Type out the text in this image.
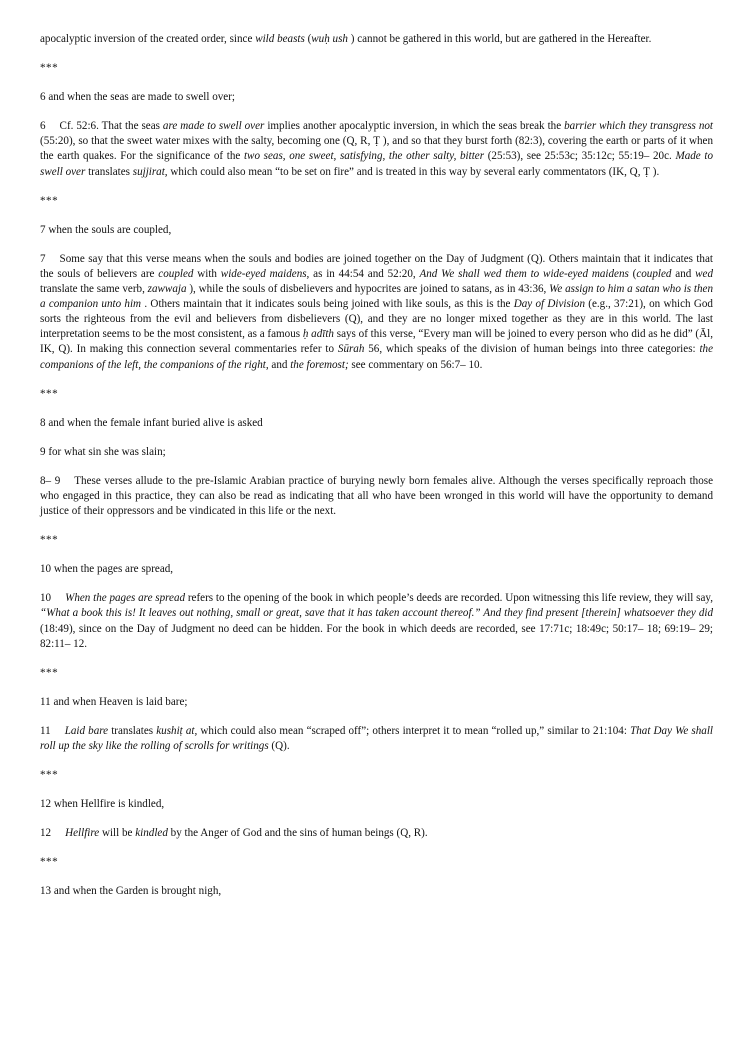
apocalyptic inversion of the created order, since wild beasts (wuḥ ush ) cannot be gathered in this world, but are gathered in the Hereafter.

***

6 and when the seas are made to swell over;

6 Cf. 52:6. That the seas are made to swell over implies another apocalyptic inversion, in which the seas break the barrier which they transgress not (55:20), so that the sweet water mixes with the salty, becoming one (Q, R, Ṭ ), and so that they burst forth (82:3), covering the earth or parts of it when the earth quakes. For the significance of the two seas, one sweet, satisfying, the other salty, bitter (25:53), see 25:53c; 35:12c; 55:19– 20c. Made to swell over translates sujjirat, which could also mean “to be set on fire” and is treated in this way by several early commentators (IK, Q, Ṭ ).

***

7 when the souls are coupled,

7 Some say that this verse means when the souls and bodies are joined together on the Day of Judgment (Q). Others maintain that it indicates that the souls of believers are coupled with wide-eyed maidens, as in 44:54 and 52:20, And We shall wed them to wide-eyed maidens (coupled and wed translate the same verb, zawwaja ), while the souls of disbelievers and hypocrites are joined to satans, as in 43:36, We assign to him a satan who is then a companion unto him . Others maintain that it indicates souls being joined with like souls, as this is the Day of Division (e.g., 37:21), on which God sorts the righteous from the evil and believers from disbelievers (Q), and they are no longer mixed together as they are in this world. The last interpretation seems to be the most consistent, as a famous ḥ adīth says of this verse, “Every man will be joined to every person who did as he did” (Āl, IK, Q). In making this connection several commentaries refer to Sūrah 56, which speaks of the division of human beings into three categories: the companions of the left, the companions of the right, and the foremost; see commentary on 56:7– 10.

***

8 and when the female infant buried alive is asked

9 for what sin she was slain;

8– 9 These verses allude to the pre-Islamic Arabian practice of burying newly born females alive. Although the verses specifically reproach those who engaged in this practice, they can also be read as indicating that all who have been wronged in this world will have the opportunity to demand justice of their oppressors and be vindicated in this life or the next.

***

10 when the pages are spread,

10 When the pages are spread refers to the opening of the book in which people’s deeds are recorded. Upon witnessing this life review, they will say, “What a book this is! It leaves out nothing, small or great, save that it has taken account thereof.” And they find present [therein] whatsoever they did (18:49), since on the Day of Judgment no deed can be hidden. For the book in which deeds are recorded, see 17:71c; 18:49c; 50:17– 18; 69:19– 29; 82:11– 12.

***

11 and when Heaven is laid bare;

11 Laid bare translates kushiṭ at, which could also mean “scraped off”; others interpret it to mean “rolled up,” similar to 21:104: That Day We shall roll up the sky like the rolling of scrolls for writings (Q).

***

12 when Hellfire is kindled,

12 Hellfire will be kindled by the Anger of God and the sins of human beings (Q, R).

***

13 and when the Garden is brought nigh,
